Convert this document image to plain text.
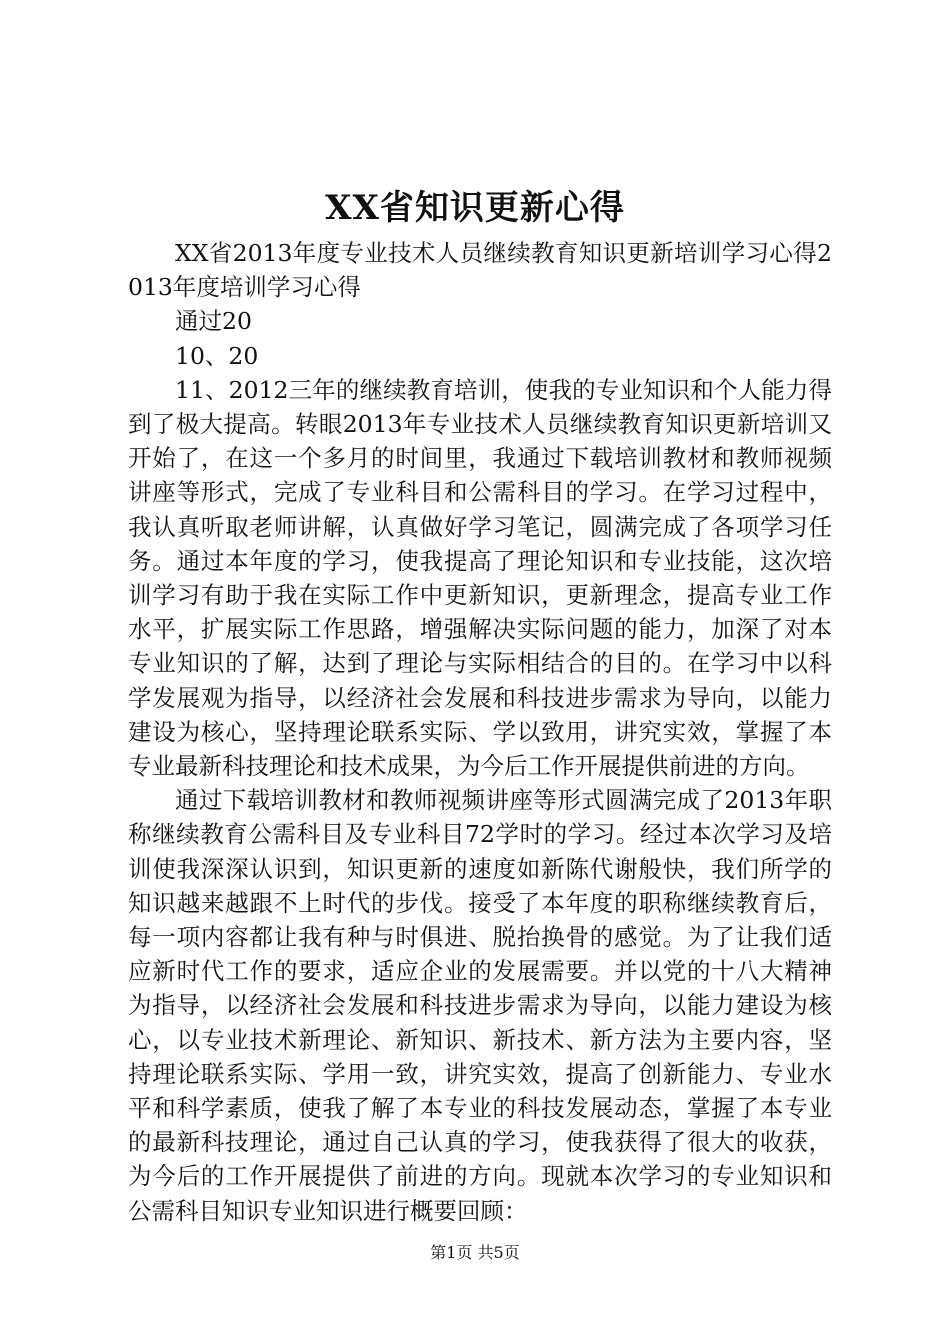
XX省知识更新心得

XX省2013年度专业技术人员继续教育知识更新培训学习心得2013年度培训学习心得

通过20

10、20

11、2012三年的继续教育培训，使我的专业知识和个人能力得到了极大提高。转眼2013年专业技术人员继续教育知识更新培训又开始了，在这一个多月的时间里，我通过下载培训教材和教师视频讲座等形式，完成了专业科目和公需科目的学习。在学习过程中，我认真听取老师讲解，认真做好学习笔记，圆满完成了各项学习任务。通过本年度的学习，使我提高了理论知识和专业技能，这次培训学习有助于我在实际工作中更新知识，更新理念，提高专业工作水平，扩展实际工作思路，增强解决实际问题的能力，加深了对本专业知识的了解，达到了理论与实际相结合的目的。在学习中以科学发展观为指导，以经济社会发展和科技进步需求为导向，以能力建设为核心，坚持理论联系实际、学以致用，讲究实效，掌握了本专业最新科技理论和技术成果，为今后工作开展提供前进的方向。

通过下载培训教材和教师视频讲座等形式圆满完成了2013年职称继续教育公需科目及专业科目72学时的学习。经过本次学习及培训使我深深认识到，知识更新的速度如新陈代谢般快，我们所学的知识越来越跟不上时代的步伐。接受了本年度的职称继续教育后，每一项内容都让我有种与时俱进、脱抬换骨的感觉。为了让我们适应新时代工作的要求，适应企业的发展需要。并以党的十八大精神为指导，以经济社会发展和科技进步需求为导向，以能力建设为核心，以专业技术新理论、新知识、新技术、新方法为主要内容，坚持理论联系实际、学用一致，讲究实效，提高了创新能力、专业水平和科学素质，使我了解了本专业的科技发展动态，掌握了本专业的最新科技理论，通过自己认真的学习，使我获得了很大的收获，为今后的工作开展提供了前进的方向。现就本次学习的专业知识和公需科目知识专业知识进行概要回顾：

第1页 共5页
